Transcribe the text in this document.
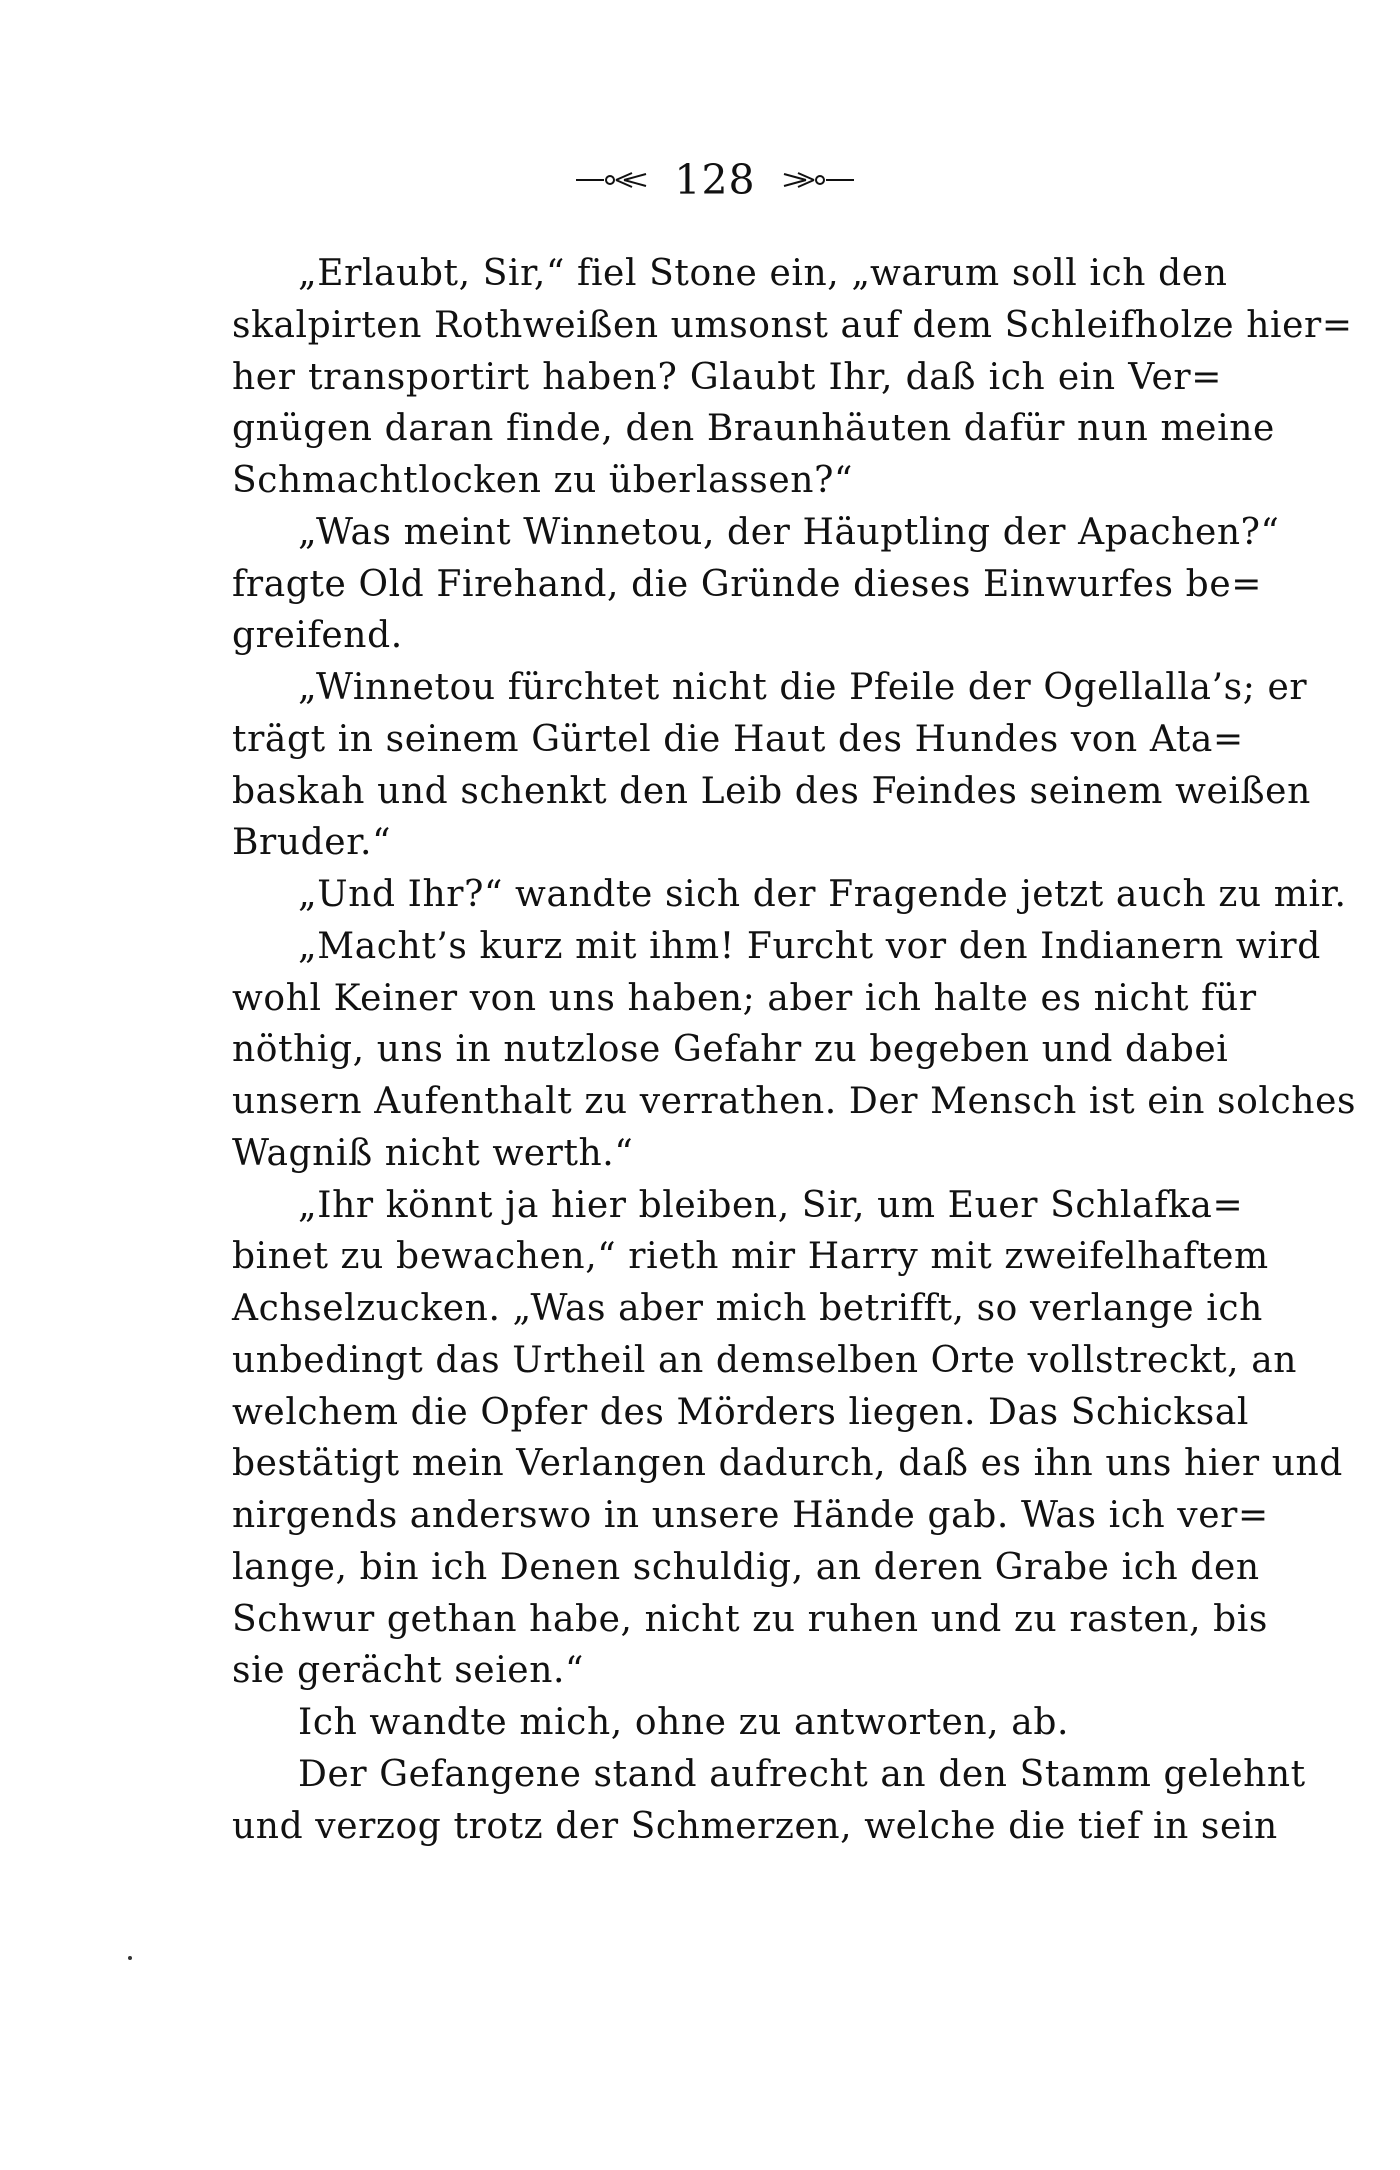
128
„Erlaubt, Sir,“ fiel Stone ein, „warum soll ich den
skalpirten Rothweißen umsonst auf dem Schleifholze hier=
her transportirt haben? Glaubt Ihr, daß ich ein Ver=
gnügen daran finde, den Braunhäuten dafür nun meine
Schmachtlocken zu überlassen?“
„Was meint Winnetou, der Häuptling der Apachen?“
fragte Old Firehand, die Gründe dieses Einwurfes be=
greifend.
„Winnetou fürchtet nicht die Pfeile der Ogellalla’s; er
trägt in seinem Gürtel die Haut des Hundes von Ata=
baskah und schenkt den Leib des Feindes seinem weißen
Bruder.“
„Und Ihr?“ wandte sich der Fragende jetzt auch zu mir.
„Macht’s kurz mit ihm! Furcht vor den Indianern wird
wohl Keiner von uns haben; aber ich halte es nicht für
nöthig, uns in nutzlose Gefahr zu begeben und dabei
unsern Aufenthalt zu verrathen. Der Mensch ist ein solches
Wagniß nicht werth.“
„Ihr könnt ja hier bleiben, Sir, um Euer Schlafka=
binet zu bewachen,“ rieth mir Harry mit zweifelhaftem
Achselzucken. „Was aber mich betrifft, so verlange ich
unbedingt das Urtheil an demselben Orte vollstreckt, an
welchem die Opfer des Mörders liegen. Das Schicksal
bestätigt mein Verlangen dadurch, daß es ihn uns hier und
nirgends anderswo in unsere Hände gab. Was ich ver=
lange, bin ich Denen schuldig, an deren Grabe ich den
Schwur gethan habe, nicht zu ruhen und zu rasten, bis
sie gerächt seien.“
Ich wandte mich, ohne zu antworten, ab.
Der Gefangene stand aufrecht an den Stamm gelehnt
und verzog trotz der Schmerzen, welche die tief in sein
